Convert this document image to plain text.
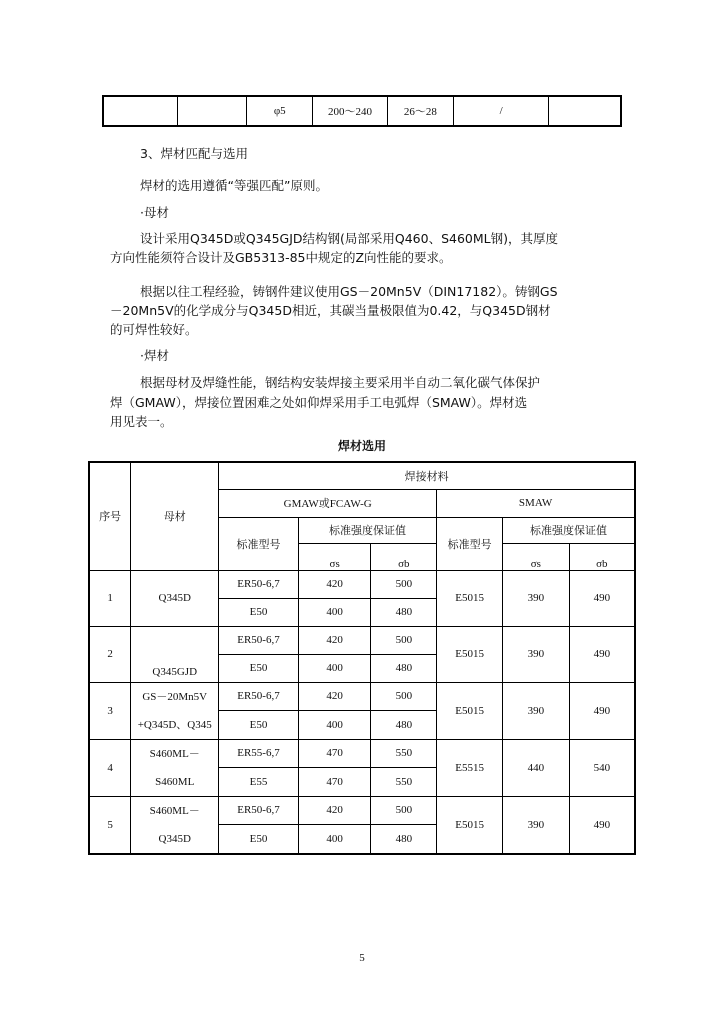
		φ5	200～240	26～28	/	
3、焊材匹配与选用
焊材的选用遵循“等强匹配”原则。
·母材
设计采用Q345D或Q345GJD结构钢(局部采用Q460、S460ML钢)，其厚度
方向性能须符合设计及GB5313-85中规定的Z向性能的要求。
根据以往工程经验，铸钢件建议使用GS－20Mn5V（DIN17182）。铸钢GS
－20Mn5V的化学成分与Q345D相近，其碳当量极限值为0.42，与Q345D钢材
的可焊性较好。
·焊材
根据母材及焊缝性能，钢结构安装焊接主要采用半自动二氧化碳气体保护
焊（GMAW），焊接位置困难之处如仰焊采用手工电弧焊（SMAW）。焊材选
用见表一。
焊材选用
序号	母材	焊接材料					
		GMAW或FCAW-G			SMAW		
		标准型号	标准强度保证值		标准型号	标准强度保证值	
			σs	σb		σs	σb
1	Q345D	ER50-6,7	420	500	E5015	390	490
		E50	400	480			
2	Q345GJD	ER50-6,7	420	500	E5015	390	490
		E50	400	480			
3	GS－20Mn5V
+Q345D、Q345	ER50-6,7	420	500	E5015	390	490
		E50	400	480			
4	S460ML－
S460ML	ER55-6,7	470	550	E5515	440	540
		E55	470	550			
5	S460ML－
Q345D	ER50-6,7	420	500	E5015	390	490
		E50	400	480			
5
